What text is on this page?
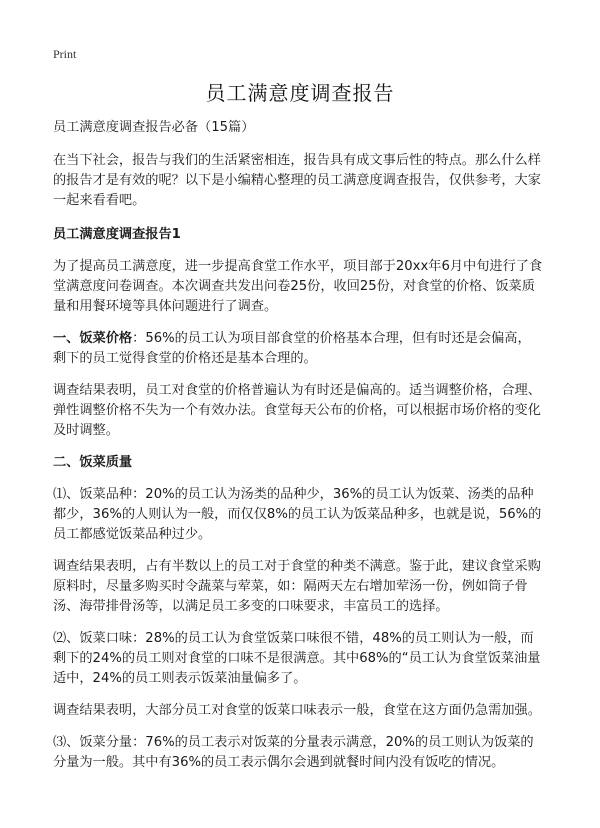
Print
员工满意度调查报告

员工满意度调查报告必备（15篇）

在当下社会，报告与我们的生活紧密相连，报告具有成文事后性的特点。那么什么样的报告才是有效的呢？以下是小编精心整理的员工满意度调查报告，仅供参考，大家一起来看看吧。

员工满意度调查报告1

为了提高员工满意度，进一步提高食堂工作水平，项目部于20xx年6月中旬进行了食堂满意度问卷调查。本次调查共发出问卷25份，收回25份，对食堂的价格、饭菜质量和用餐环境等具体问题进行了调查。

一、饭菜价格：56%的员工认为项目部食堂的价格基本合理，但有时还是会偏高，剩下的员工觉得食堂的价格还是基本合理的。

调查结果表明，员工对食堂的价格普遍认为有时还是偏高的。适当调整价格，合理、弹性调整价格不失为一个有效办法。食堂每天公布的价格，可以根据市场价格的变化及时调整。

二、饭菜质量

⑴、饭菜品种：20%的员工认为汤类的品种少，36%的员工认为饭菜、汤类的品种都少，36%的人则认为一般，而仅仅8%的员工认为饭菜品种多，也就是说，56%的员工都感觉饭菜品种过少。

调查结果表明，占有半数以上的员工对于食堂的种类不满意。鉴于此，建议食堂采购原料时，尽量多购买时令蔬菜与荤菜，如：隔两天左右增加荤汤一份，例如筒子骨汤、海带排骨汤等，以满足员工多变的口味要求，丰富员工的选择。

⑵、饭菜口味：28%的员工认为食堂饭菜口味很不错，48%的员工则认为一般，而剩下的24%的员工则对食堂的口味不是很满意。其中68%的“员工认为食堂饭菜油量适中，24%的员工则表示饭菜油量偏多了。

调查结果表明，大部分员工对食堂的饭菜口味表示一般，食堂在这方面仍急需加强。

⑶、饭菜分量：76%的员工表示对饭菜的分量表示满意，20%的员工则认为饭菜的分量为一般。其中有36%的员工表示偶尔会遇到就餐时间内没有饭吃的情况。
